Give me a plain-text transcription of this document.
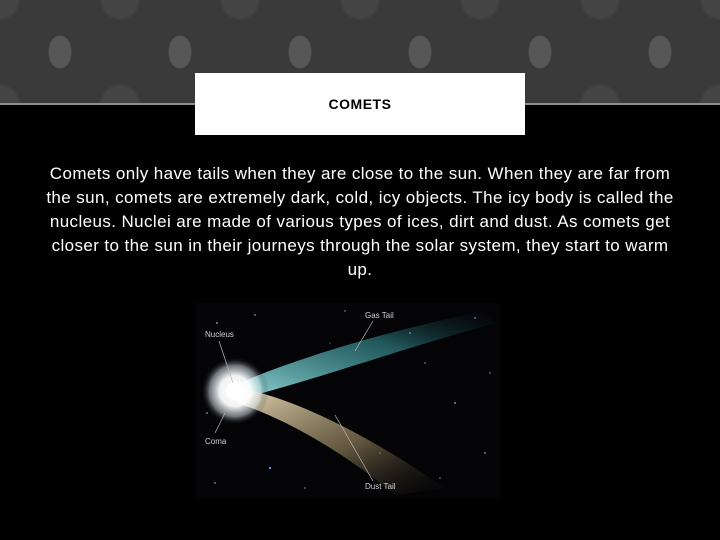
COMETS

Comets only have tails when they are close to the sun. When they are far from the sun, comets are extremely dark, cold, icy objects. The icy body is called the nucleus. Nuclei are made of various types of ices, dirt and dust. As comets get closer to the sun in their journeys through the solar system, they start to warm up.

Gas Tail
Nucleus
Coma
Dust Tail
